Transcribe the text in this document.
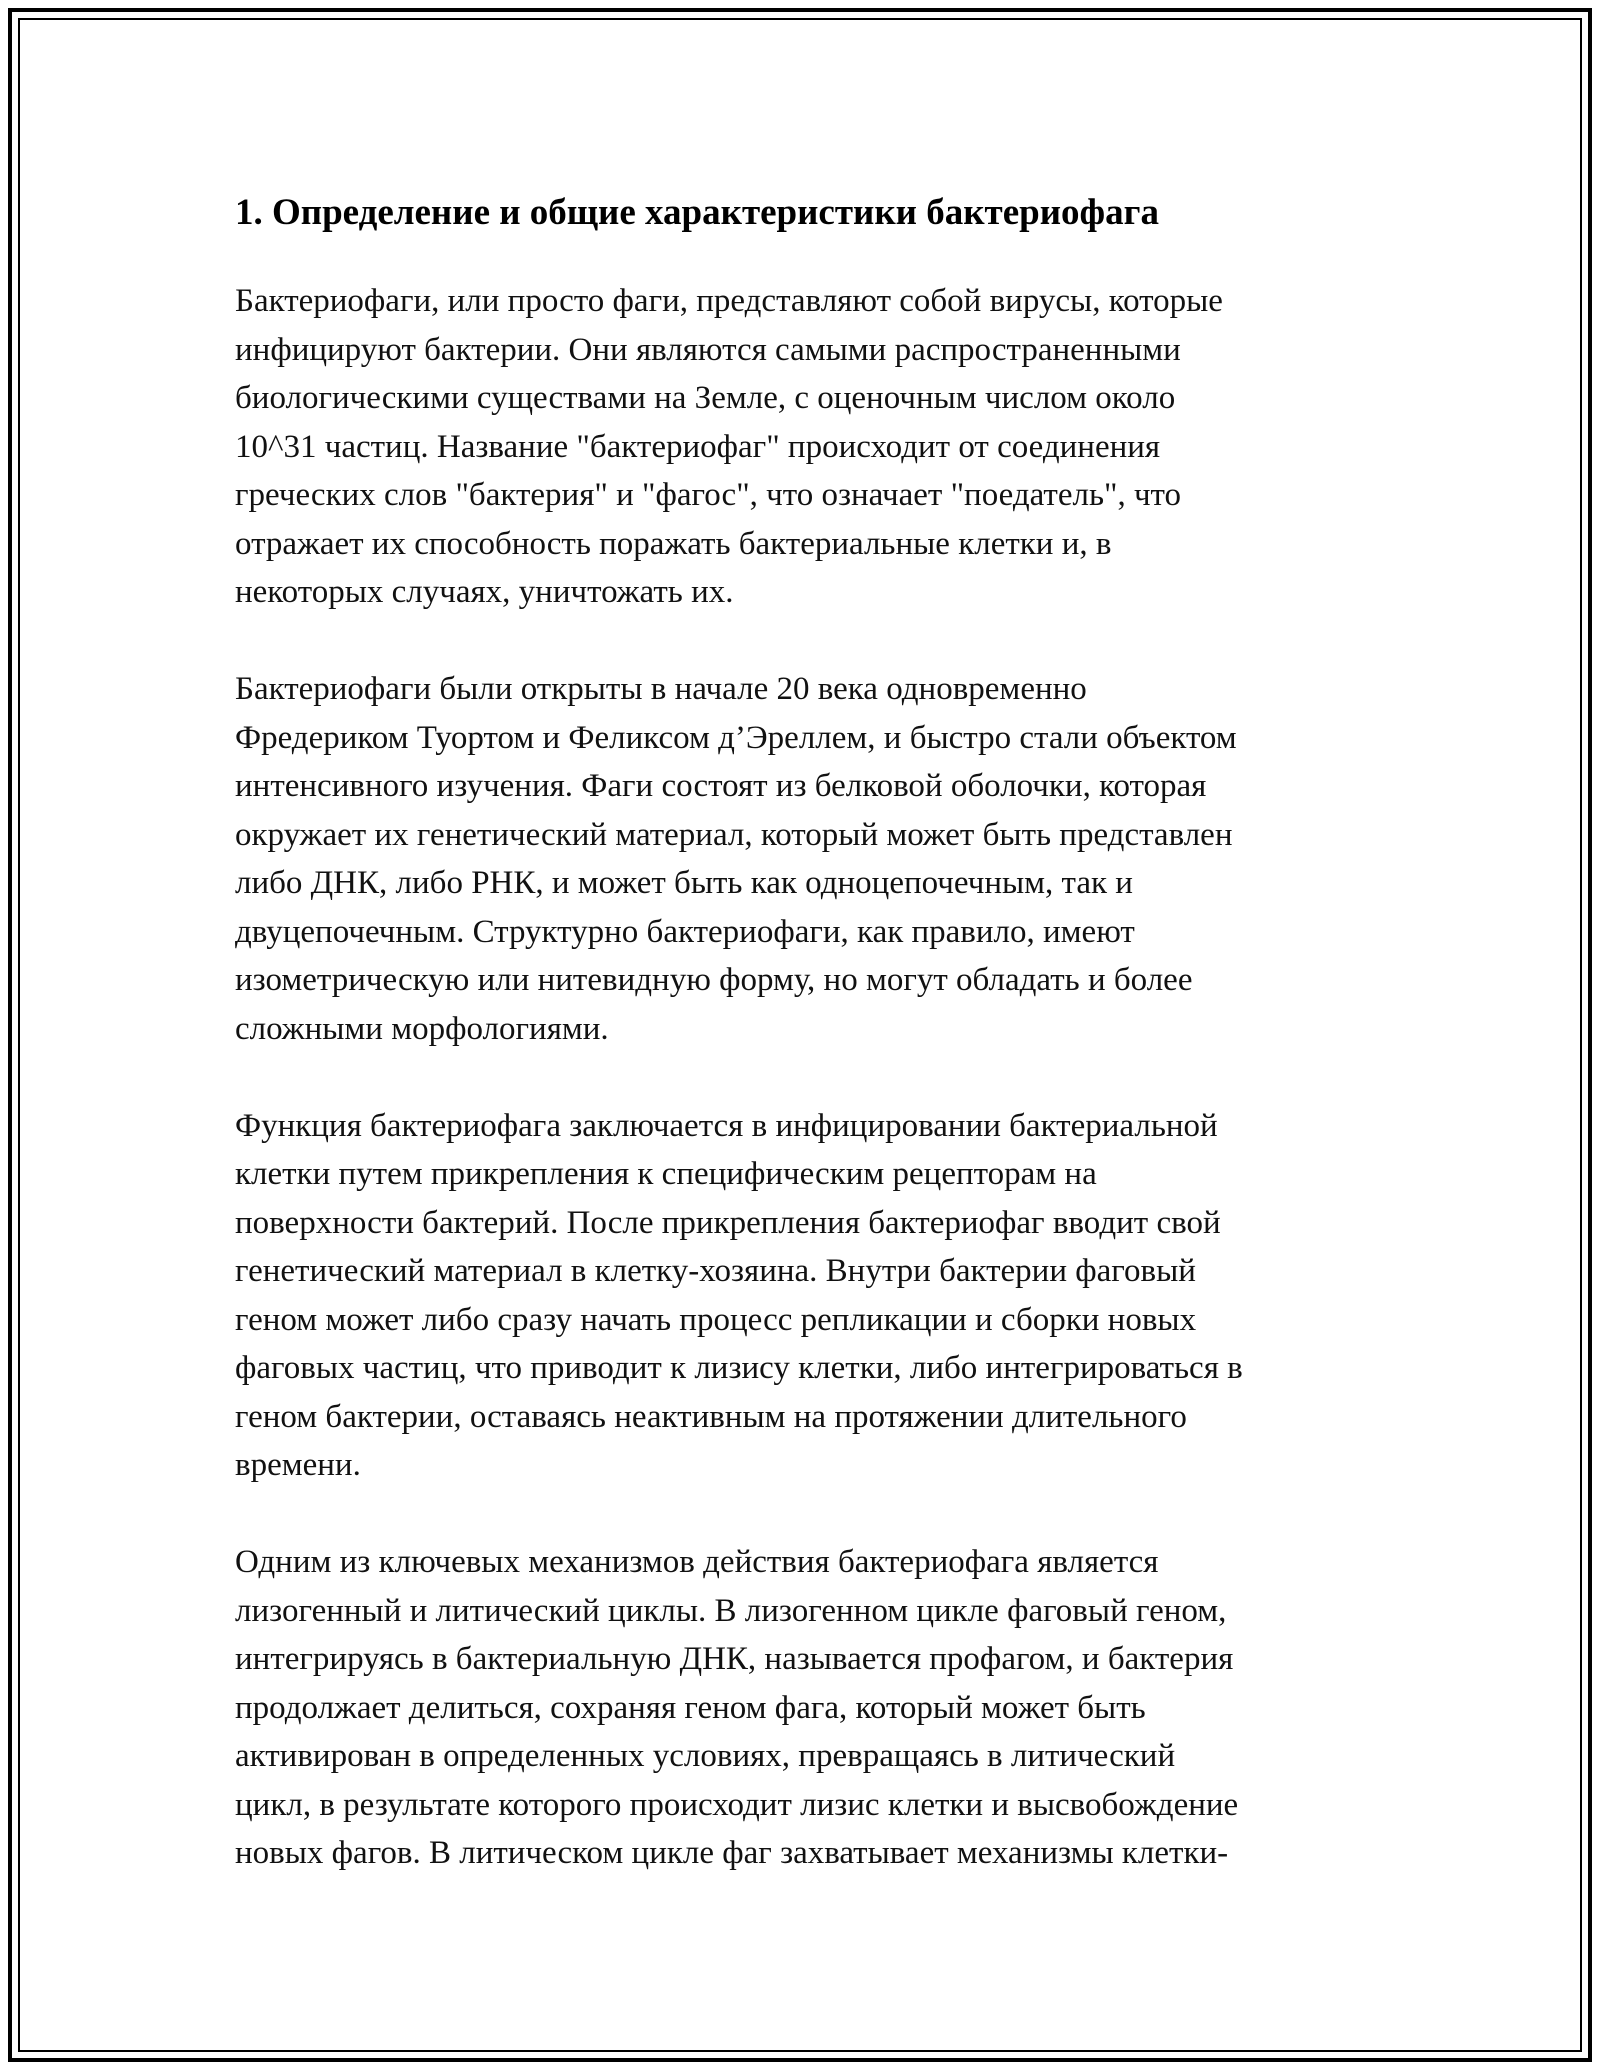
1. Определение и общие характеристики бактериофага

Бактериофаги, или просто фаги, представляют собой вирусы, которые
инфицируют бактерии. Они являются самыми распространенными
биологическими существами на Земле, с оценочным числом около
10^31 частиц. Название "бактериофаг" происходит от соединения
греческих слов "бактерия" и "фагос", что означает "поедатель", что
отражает их способность поражать бактериальные клетки и, в
некоторых случаях, уничтожать их.

Бактериофаги были открыты в начале 20 века одновременно
Фредериком Туортом и Феликсом д’Эреллем, и быстро стали объектом
интенсивного изучения. Фаги состоят из белковой оболочки, которая
окружает их генетический материал, который может быть представлен
либо ДНК, либо РНК, и может быть как одноцепочечным, так и
двуцепочечным. Структурно бактериофаги, как правило, имеют
изометрическую или нитевидную форму, но могут обладать и более
сложными морфологиями.

Функция бактериофага заключается в инфицировании бактериальной
клетки путем прикрепления к специфическим рецепторам на
поверхности бактерий. После прикрепления бактериофаг вводит свой
генетический материал в клетку-хозяина. Внутри бактерии фаговый
геном может либо сразу начать процесс репликации и сборки новых
фаговых частиц, что приводит к лизису клетки, либо интегрироваться в
геном бактерии, оставаясь неактивным на протяжении длительного
времени.

Одним из ключевых механизмов действия бактериофага является
лизогенный и литический циклы. В лизогенном цикле фаговый геном,
интегрируясь в бактериальную ДНК, называется профагом, и бактерия
продолжает делиться, сохраняя геном фага, который может быть
активирован в определенных условиях, превращаясь в литический
цикл, в результате которого происходит лизис клетки и высвобождение
новых фагов. В литическом цикле фаг захватывает механизмы клетки-
